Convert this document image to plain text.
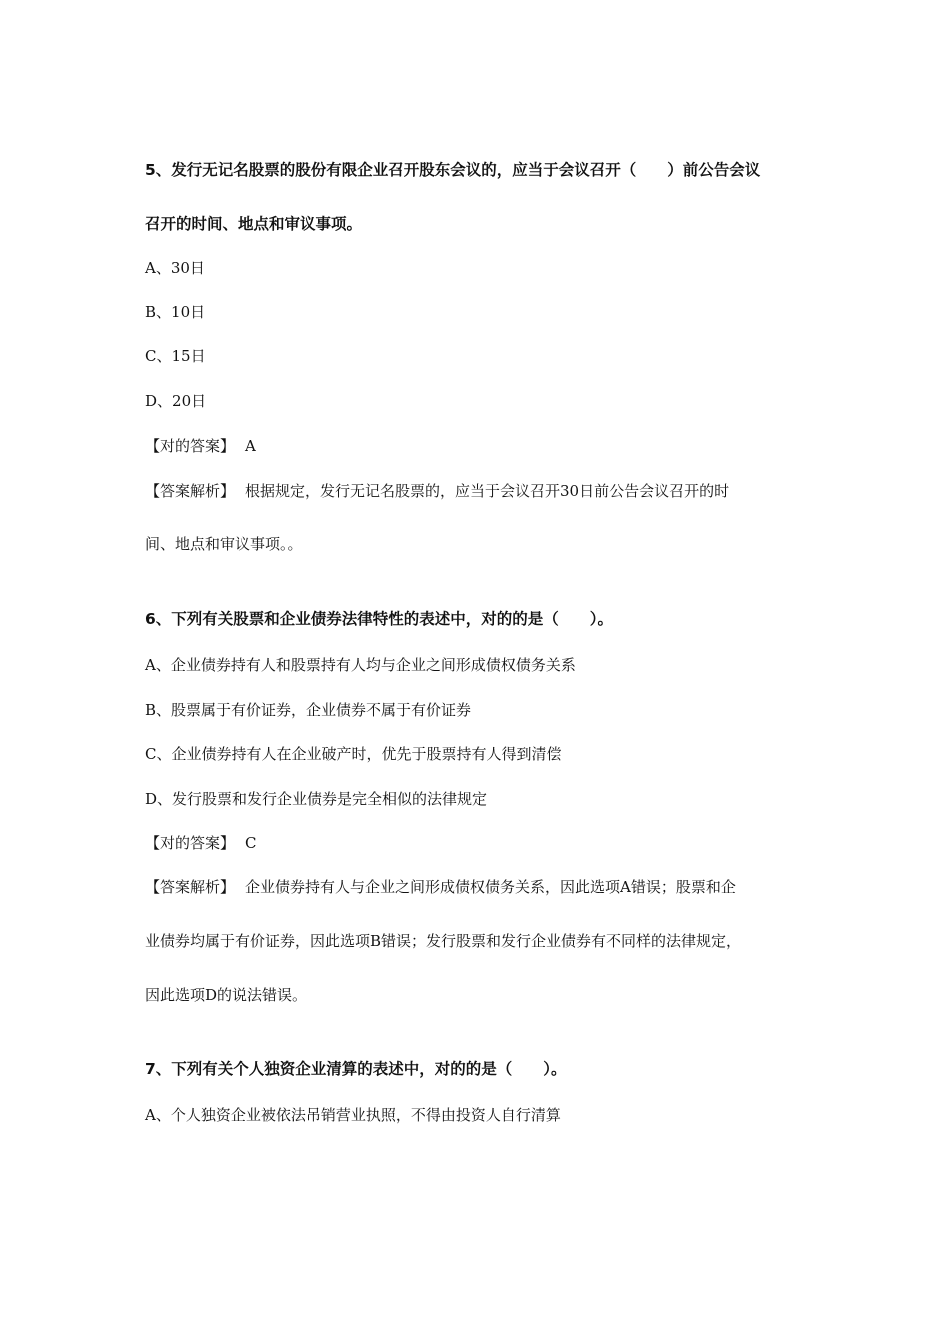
5、发行无记名股票的股份有限企业召开股东会议的，应当于会议召开（　　）前公告会议
召开的时间、地点和审议事项。
A、30日
B、10日
C、15日
D、20日
【对的答案】 A
【答案解析】 根据规定，发行无记名股票的，应当于会议召开30日前公告会议召开的时
间、地点和审议事项。。
6、下列有关股票和企业债券法律特性的表述中，对的的是（　　）。
A、企业债券持有人和股票持有人均与企业之间形成债权债务关系
B、股票属于有价证券，企业债券不属于有价证券
C、企业债券持有人在企业破产时，优先于股票持有人得到清偿
D、发行股票和发行企业债券是完全相似的法律规定
【对的答案】 C
【答案解析】 企业债券持有人与企业之间形成债权债务关系，因此选项A错误；股票和企
业债券均属于有价证券，因此选项B错误；发行股票和发行企业债券有不同样的法律规定，
因此选项D的说法错误。
7、下列有关个人独资企业清算的表述中，对的的是（　　）。
A、个人独资企业被依法吊销营业执照，不得由投资人自行清算
